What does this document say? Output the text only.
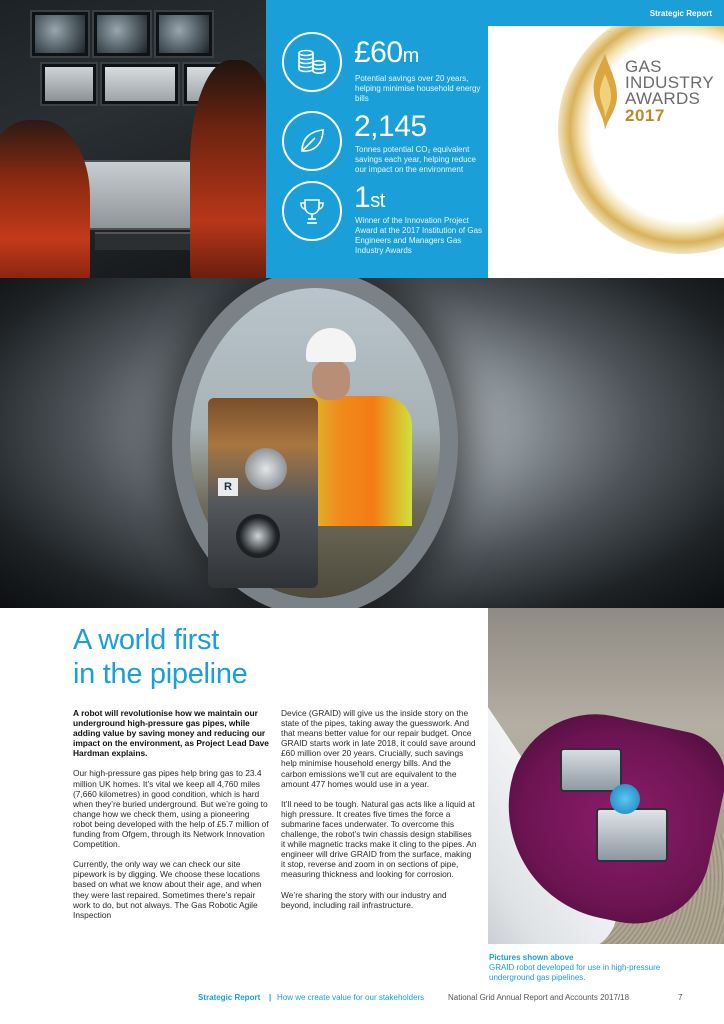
£60m
Potential savings over 20 years, helping minimise household energy bills
2,145
Tonnes potential CO₂ equivalent savings each year, helping reduce our impact on the environment
1st
Winner of the Innovation Project Award at the 2017 Institution of Gas Engineers and Managers Gas Industry Awards
Strategic Report
GAS
INDUSTRY
AWARDS
2017
R
A world first
in the pipeline

A robot will revolutionise how we maintain our underground high-pressure gas pipes, while adding value by saving money and reducing our impact on the environment, as Project Lead Dave Hardman explains.

Our high-pressure gas pipes help bring gas to 23.4 million UK homes. It’s vital we keep all 4,760 miles (7,660 kilometres) in good condition, which is hard when they’re buried underground. But we’re going to change how we check them, using a pioneering robot being developed with the help of £5.7 million of funding from Ofgem, through its Network Innovation Competition.

Currently, the only way we can check our site pipework is by digging. We choose these locations based on what we know about their age, and when they were last repaired. Sometimes there’s repair work to do, but not always. The Gas Robotic Agile Inspection

Device (GRAID) will give us the inside story on the state of the pipes, taking away the guesswork. And that means better value for our repair budget. Once GRAID starts work in late 2018, it could save around £60 million over 20 years. Crucially, such savings help minimise household energy bills. And the carbon emissions we’ll cut are equivalent to the amount 477 homes would use in a year.

It’ll need to be tough. Natural gas acts like a liquid at high pressure. It creates five times the force a submarine faces underwater. To overcome this challenge, the robot’s twin chassis design stabilises it while magnetic tracks make it cling to the pipes. An engineer will drive GRAID from the surface, making it stop, reverse and zoom in on sections of pipe, measuring thickness and looking for corrosion.

We’re sharing the story with our industry and beyond, including rail infrastructure.

Pictures shown above
GRAID robot developed for use in high-pressure underground gas pipelines.
Strategic Report | How we create value for our stakeholders	National Grid Annual Report and Accounts 2017/18	7
